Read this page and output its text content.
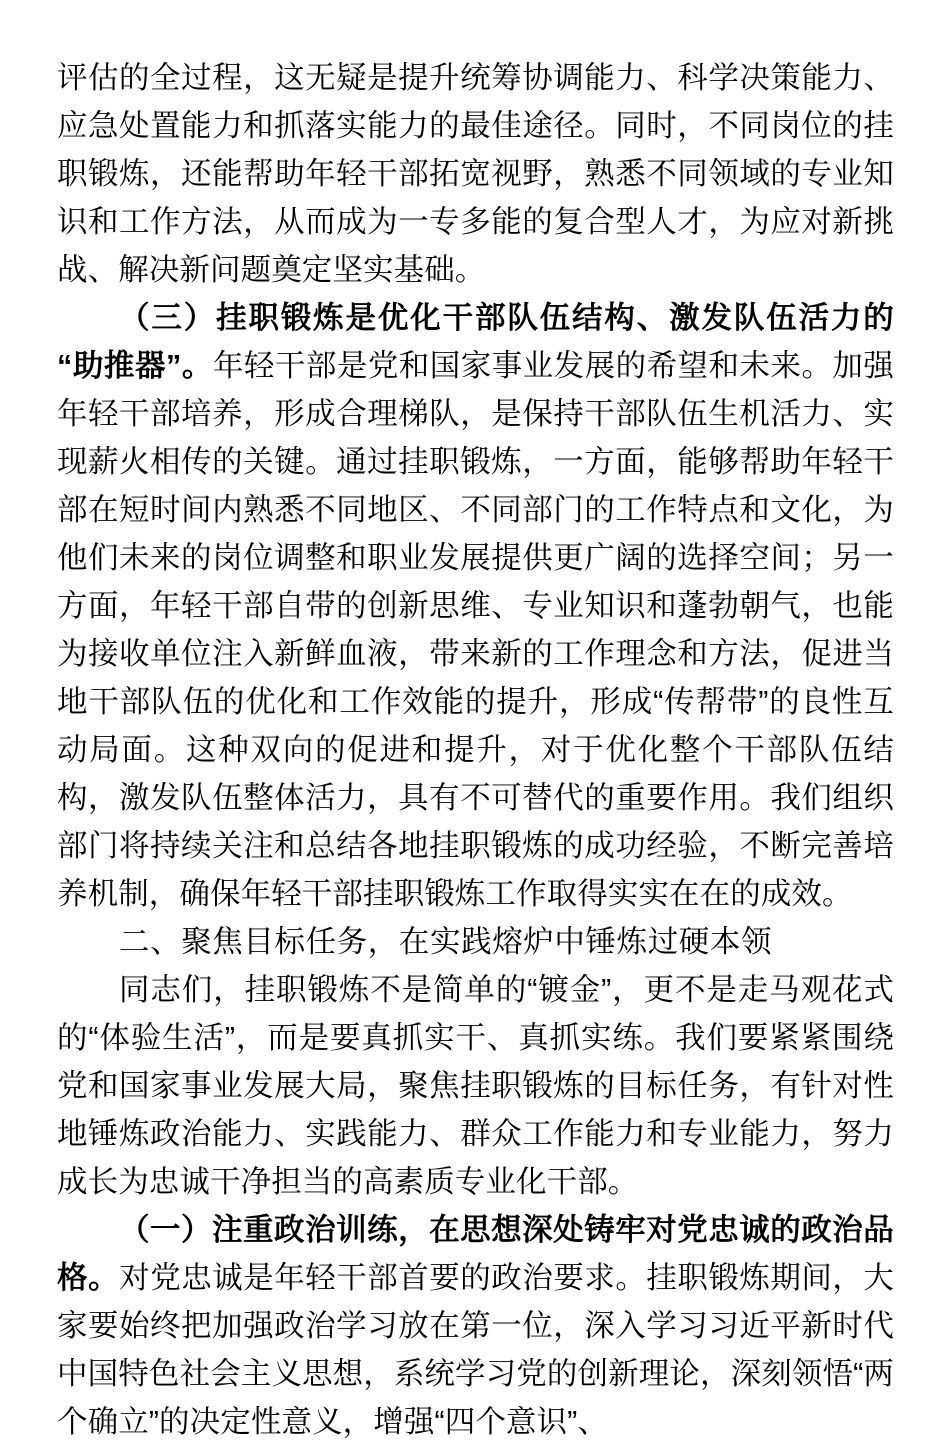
评估的全过程，这无疑是提升统筹协调能力、科学决策能力、应急处置能力和抓落实能力的最佳途径。同时，不同岗位的挂职锻炼，还能帮助年轻干部拓宽视野，熟悉不同领域的专业知识和工作方法，从而成为一专多能的复合型人才，为应对新挑战、解决新问题奠定坚实基础。

（三）挂职锻炼是优化干部队伍结构、激发队伍活力的“助推器”。年轻干部是党和国家事业发展的希望和未来。加强年轻干部培养，形成合理梯队，是保持干部队伍生机活力、实现薪火相传的关键。通过挂职锻炼，一方面，能够帮助年轻干部在短时间内熟悉不同地区、不同部门的工作特点和文化，为他们未来的岗位调整和职业发展提供更广阔的选择空间；另一方面，年轻干部自带的创新思维、专业知识和蓬勃朝气，也能为接收单位注入新鲜血液，带来新的工作理念和方法，促进当地干部队伍的优化和工作效能的提升，形成“传帮带”的良性互动局面。这种双向的促进和提升，对于优化整个干部队伍结构，激发队伍整体活力，具有不可替代的重要作用。我们组织部门将持续关注和总结各地挂职锻炼的成功经验，不断完善培养机制，确保年轻干部挂职锻炼工作取得实实在在的成效。

二、聚焦目标任务，在实践熔炉中锤炼过硬本领

同志们，挂职锻炼不是简单的“镀金”，更不是走马观花式的“体验生活”，而是要真抓实干、真抓实练。我们要紧紧围绕党和国家事业发展大局，聚焦挂职锻炼的目标任务，有针对性地锤炼政治能力、实践能力、群众工作能力和专业能力，努力成长为忠诚干净担当的高素质专业化干部。

（一）注重政治训练，在思想深处铸牢对党忠诚的政治品格。对党忠诚是年轻干部首要的政治要求。挂职锻炼期间，大家要始终把加强政治学习放在第一位，深入学习习近平新时代中国特色社会主义思想，系统学习党的创新理论，深刻领悟“两个确立”的决定性意义，增强“四个意识”、
